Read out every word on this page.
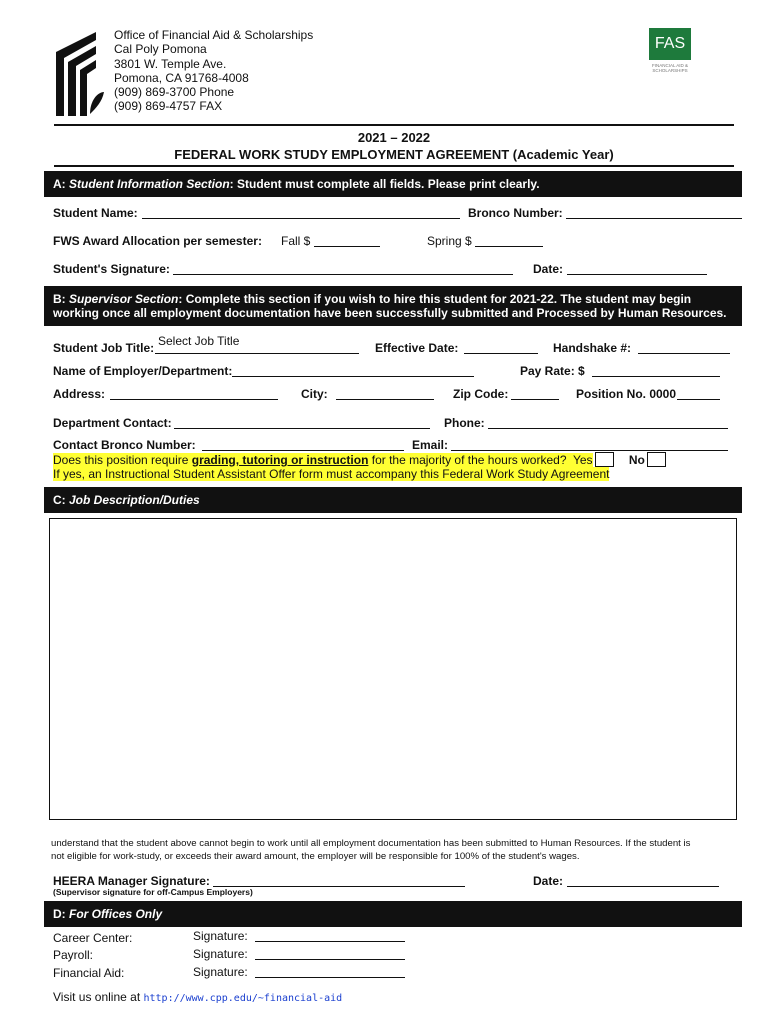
Office of Financial Aid & Scholarships
Cal Poly Pomona
3801 W. Temple Ave.
Pomona, CA 91768-4008
(909) 869-3700 Phone
(909) 869-4757 FAX
FAS
FINANCIAL AID & SCHOLARSHIPS
2021 – 2022
FEDERAL WORK STUDY EMPLOYMENT AGREEMENT (Academic Year)
A: Student Information Section: Student must complete all fields. Please print clearly.
Student Name:	Bronco Number:
FWS Award Allocation per semester: Fall $	Spring $
Student's Signature:	Date:
B: Supervisor Section: Complete this section if you wish to hire this student for 2021-22. The student may begin
working once all employment documentation have been successfully submitted and Processed by Human Resources.
Student Job Title: Select Job Title	Effective Date:	Handshake #:
Name of Employer/Department:	Pay Rate: $
Address:	City:	Zip Code:	Position No. 0000
Department Contact:	Phone:
Contact Bronco Number:	Email:
Does this position require grading, tutoring or instruction for the majority of the hours worked? Yes	No
If yes, an Instructional Student Assistant Offer form must accompany this Federal Work Study Agreement
C: Job Description/Duties
understand that the student above cannot begin to work until all employment documentation has been submitted to Human Resources. If the student is
not eligible for work-study, or exceeds their award amount, the employer will be responsible for 100% of the student's wages.
HEERA Manager Signature:
(Supervisor signature for off-Campus Employers)
Date:
D: For Offices Only
Career Center:	Signature:
Payroll:	Signature:
Financial Aid:	Signature:
Visit us online at http://www.cpp.edu/~financial-aid
